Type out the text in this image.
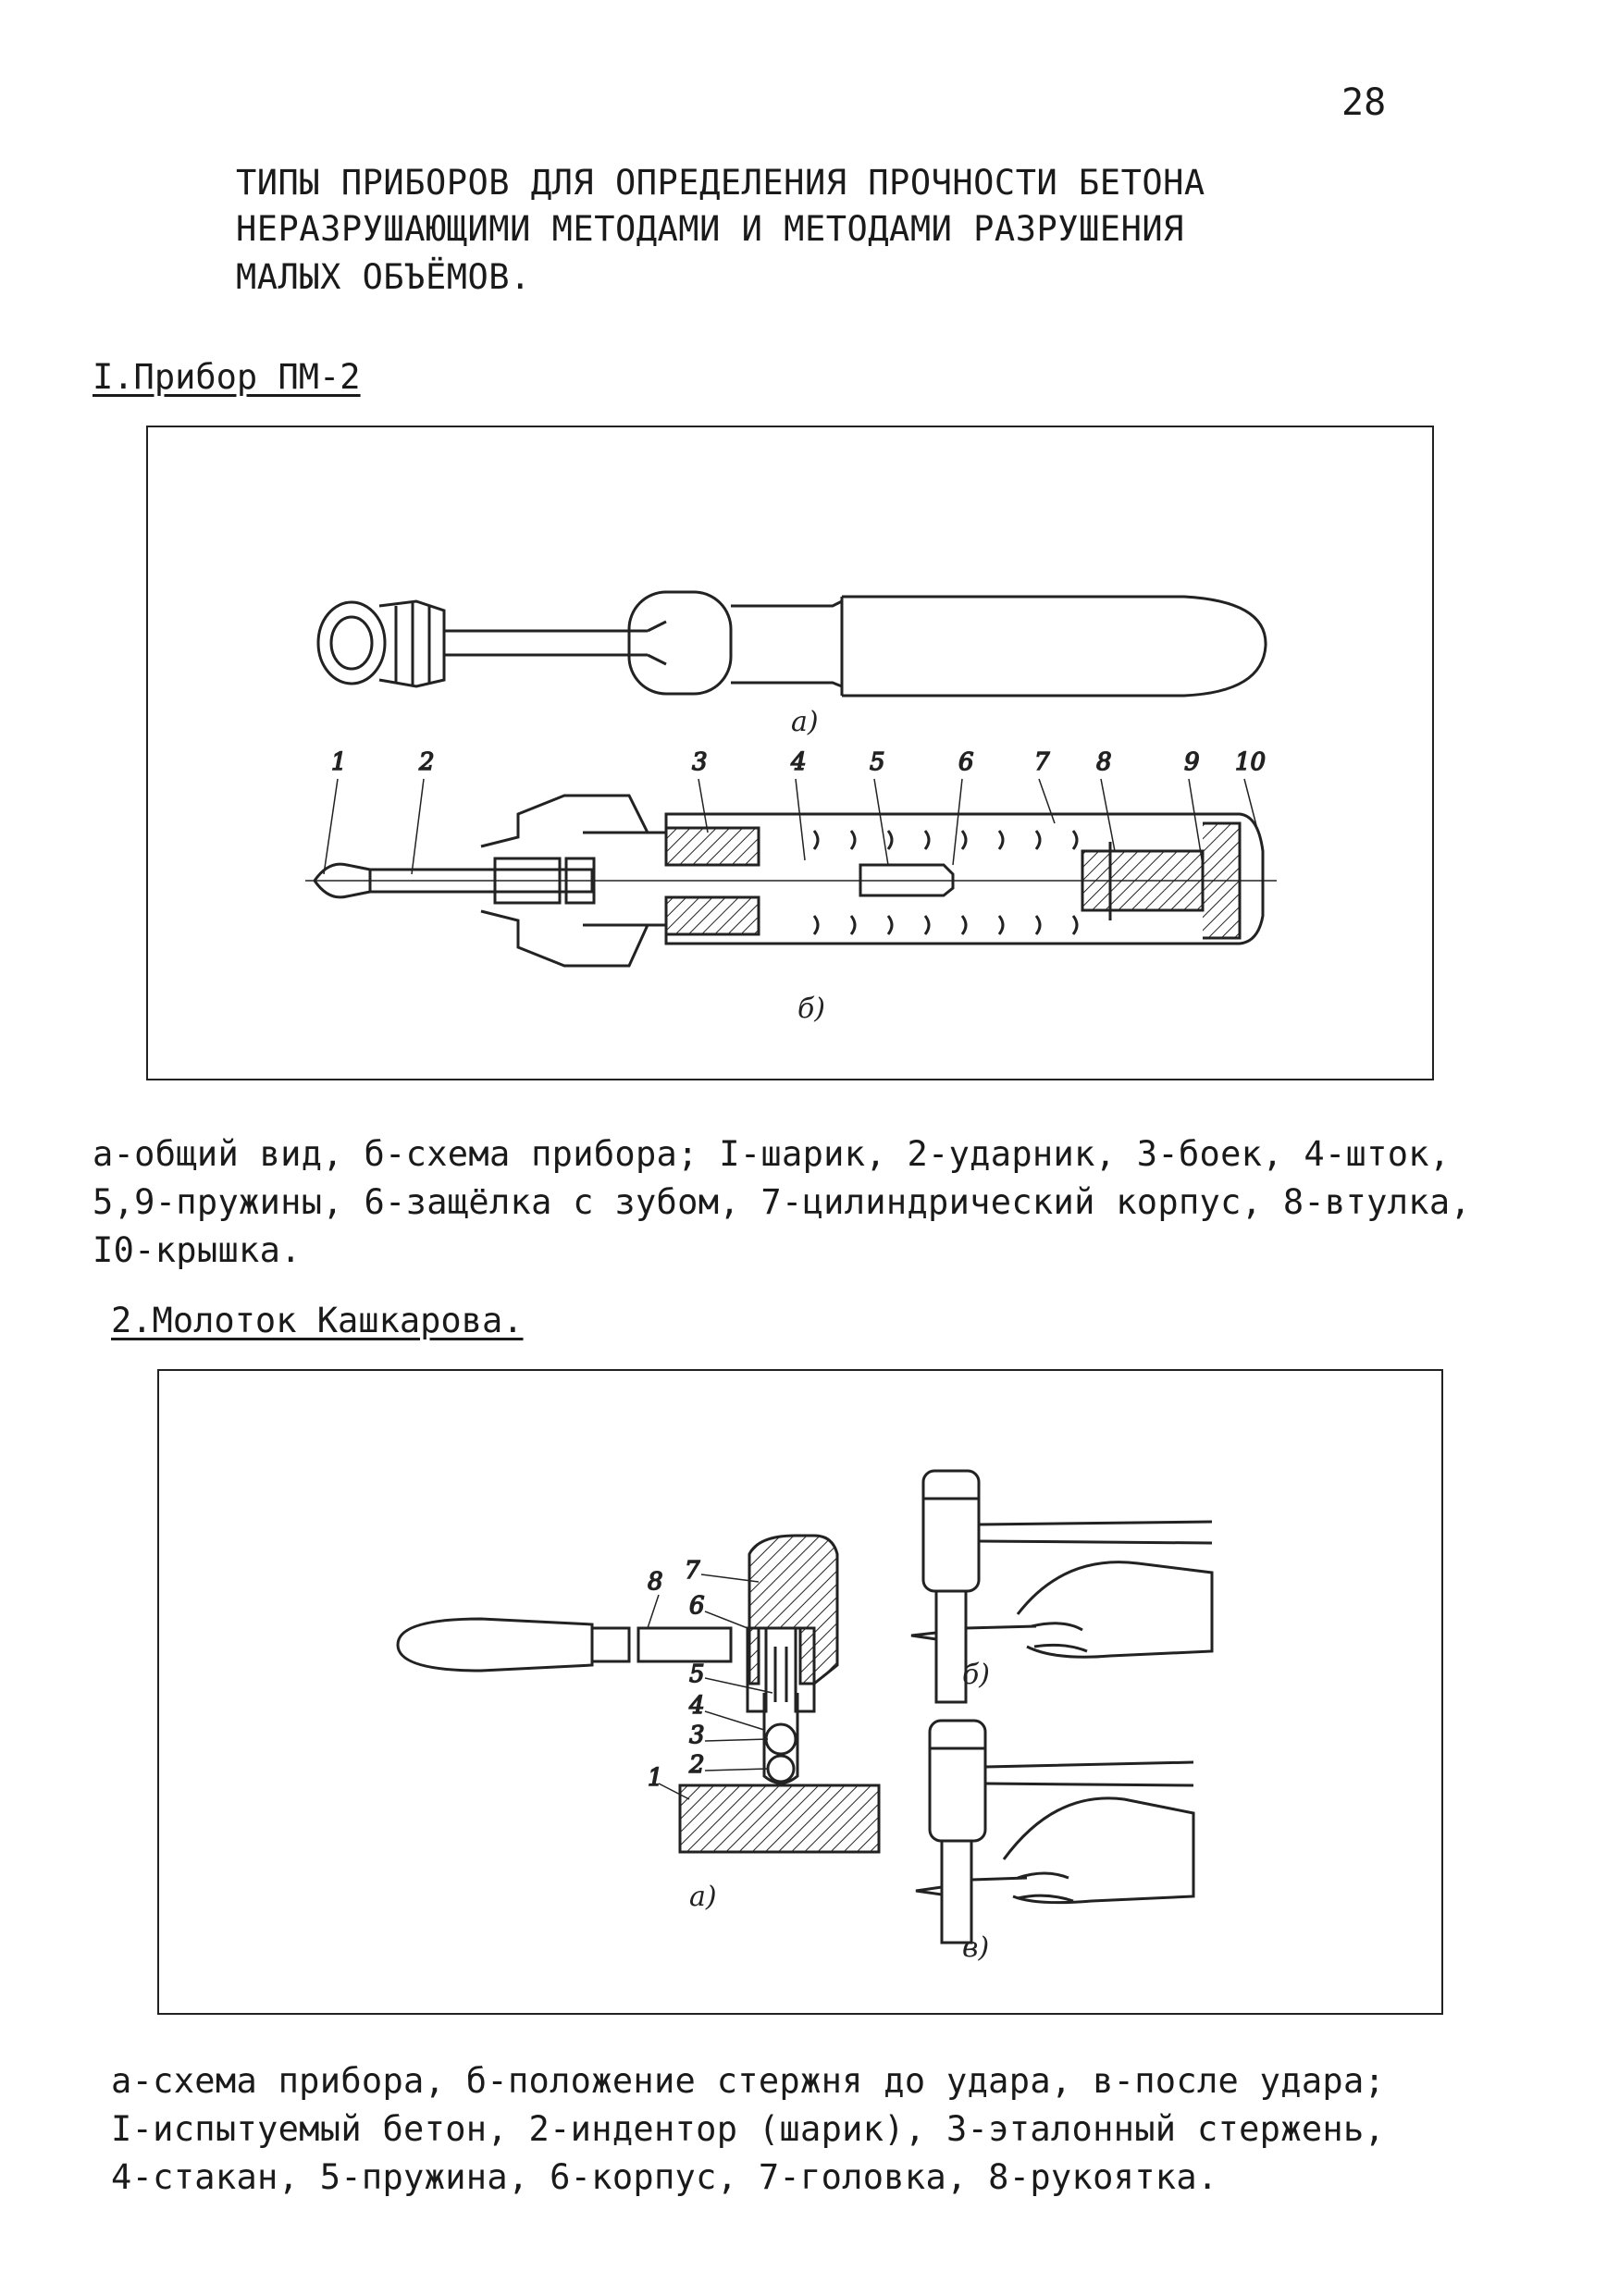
28
ТИПЫ ПРИБОРОВ ДЛЯ ОПРЕДЕЛЕНИЯ ПРОЧНОСТИ БЕТОНА
НЕРАЗРУШАЮЩИМИ МЕТОДАМИ И МЕТОДАМИ РАЗРУШЕНИЯ
МАЛЫХ ОБЪЁМОВ.
I.Прибор ПМ-2
а)
1	2	3	4	5	6	7 8	9 10
б)
8 7
6
5
4
3
2
1
а)
б)
в)
а-общий вид, б-схема прибора; I-шарик, 2-ударник, 3-боек, 4-шток,
5,9-пружины, 6-защёлка с зубом, 7-цилиндрический корпус, 8-втулка,
I0-крышка.
2.Молоток Кашкарова.
а-схема прибора, б-положение стержня до удара, в-после удара;
I-испытуемый бетон, 2-индентор (шарик), 3-эталонный стержень,
4-стакан, 5-пружина, 6-корпус, 7-головка, 8-рукоятка.
